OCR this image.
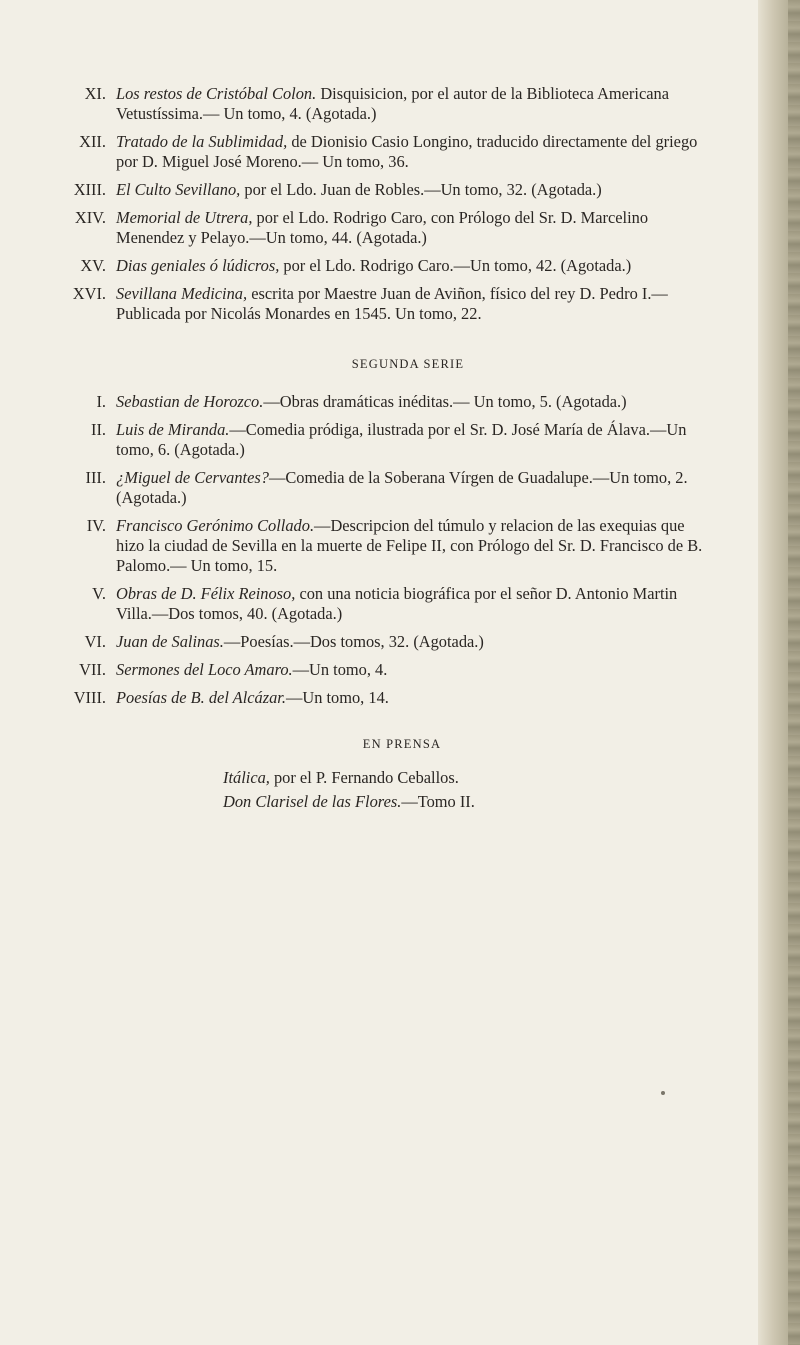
XI. Los restos de Cristóbal Colon. Disquisicion, por el autor de la Biblioteca Americana Vetustíssima.— Un tomo, 4. (Agotada.)
XII. Tratado de la Sublimidad, de Dionisio Casio Longino, traducido directamente del griego por D. Miguel José Moreno.— Un tomo, 36.
XIII. El Culto Sevillano, por el Ldo. Juan de Robles.—Un tomo, 32. (Agotada.)
XIV. Memorial de Utrera, por el Ldo. Rodrigo Caro, con Prólogo del Sr. D. Marcelino Menendez y Pelayo.—Un tomo, 44. (Agotada.)
XV. Dias geniales ó lúdicros, por el Ldo. Rodrigo Caro.—Un tomo, 42. (Agotada.)
XVI. Sevillana Medicina, escrita por Maestre Juan de Aviñon, físico del rey D. Pedro I.—Publicada por Nicolás Monardes en 1545. Un tomo, 22.
SEGUNDA SERIE
I. Sebastian de Horozco.—Obras dramáticas inéditas.— Un tomo, 5. (Agotada.)
II. Luis de Miranda.—Comedia pródiga, ilustrada por el Sr. D. José María de Álava.—Un tomo, 6. (Agotada.)
III. ¿Miguel de Cervantes?—Comedia de la Soberana Vírgen de Guadalupe.—Un tomo, 2. (Agotada.)
IV. Francisco Gerónimo Collado.—Descripcion del túmulo y relacion de las exequias que hizo la ciudad de Sevilla en la muerte de Felipe II, con Prólogo del Sr. D. Francisco de B. Palomo.— Un tomo, 15.
V. Obras de D. Félix Reinoso, con una noticia biográfica por el señor D. Antonio Martin Villa.—Dos tomos, 40. (Agotada.)
VI. Juan de Salinas.—Poesías.—Dos tomos, 32. (Agotada.)
VII. Sermones del Loco Amaro.—Un tomo, 4.
VIII. Poesías de B. del Alcázar.—Un tomo, 14.
EN PRENSA
Itálica, por el P. Fernando Ceballos.
Don Clarisel de las Flores.—Tomo II.
